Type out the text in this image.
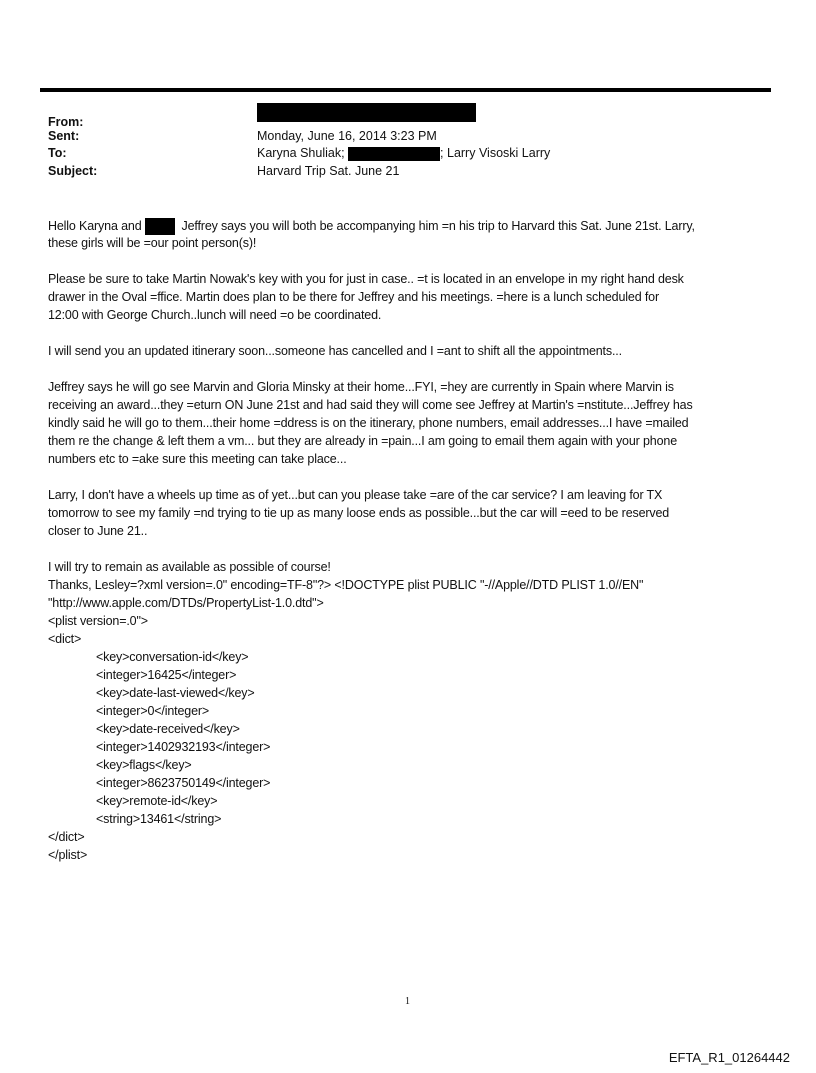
From:
Sent:	Monday, June 16, 2014 3:23 PM
To:	Karyna Shuliak;	; Larry Visoski Larry
Subject:	Harvard Trip Sat. June 21
Hello Karyna and	Jeffrey says you will both be accompanying him =n his trip to Harvard this Sat. June 21st. Larry,
these girls will be =our point person(s)!
Please be sure to take Martin Nowak's key with you for just in case.. =t is located in an envelope in my right hand desk
drawer in the Oval =ffice. Martin does plan to be there for Jeffrey and his meetings. =here is a lunch scheduled for
12:00 with George Church..lunch will need =o be coordinated.
I will send you an updated itinerary soon...someone has cancelled and I =ant to shift all the appointments...
Jeffrey says he will go see Marvin and Gloria Minsky at their home...FYI, =hey are currently in Spain where Marvin is
receiving an award...they =eturn ON June 21st and had said they will come see Jeffrey at Martin's =nstitute...Jeffrey has
kindly said he will go to them...their home =ddress is on the itinerary, phone numbers, email addresses...I have =mailed
them re the change & left them a vm... but they are already in =pain...I am going to email them again with your phone
numbers etc to =ake sure this meeting can take place...
Larry, I don't have a wheels up time as of yet...but can you please take =are of the car service? I am leaving for TX
tomorrow to see my family =nd trying to tie up as many loose ends as possible...but the car will =eed to be reserved
closer to June 21..
I will try to remain as available as possible of course!
Thanks, Lesley=?xml version=.0" encoding=TF-8"?> <!DOCTYPE plist PUBLIC "-//Apple//DTD PLIST 1.0//EN"
"http://www.apple.com/DTDs/PropertyList-1.0.dtd">
<plist version=.0">
<dict>
<key>conversation-id</key>
<integer>16425</integer>
<key>date-last-viewed</key>
<integer>0</integer>
<key>date-received</key>
<integer>1402932193</integer>
<key>flags</key>
<integer>8623750149</integer>
<key>remote-id</key>
<string>13461</string>
</dict>
</plist>
1
EFTA_R1_01264442
